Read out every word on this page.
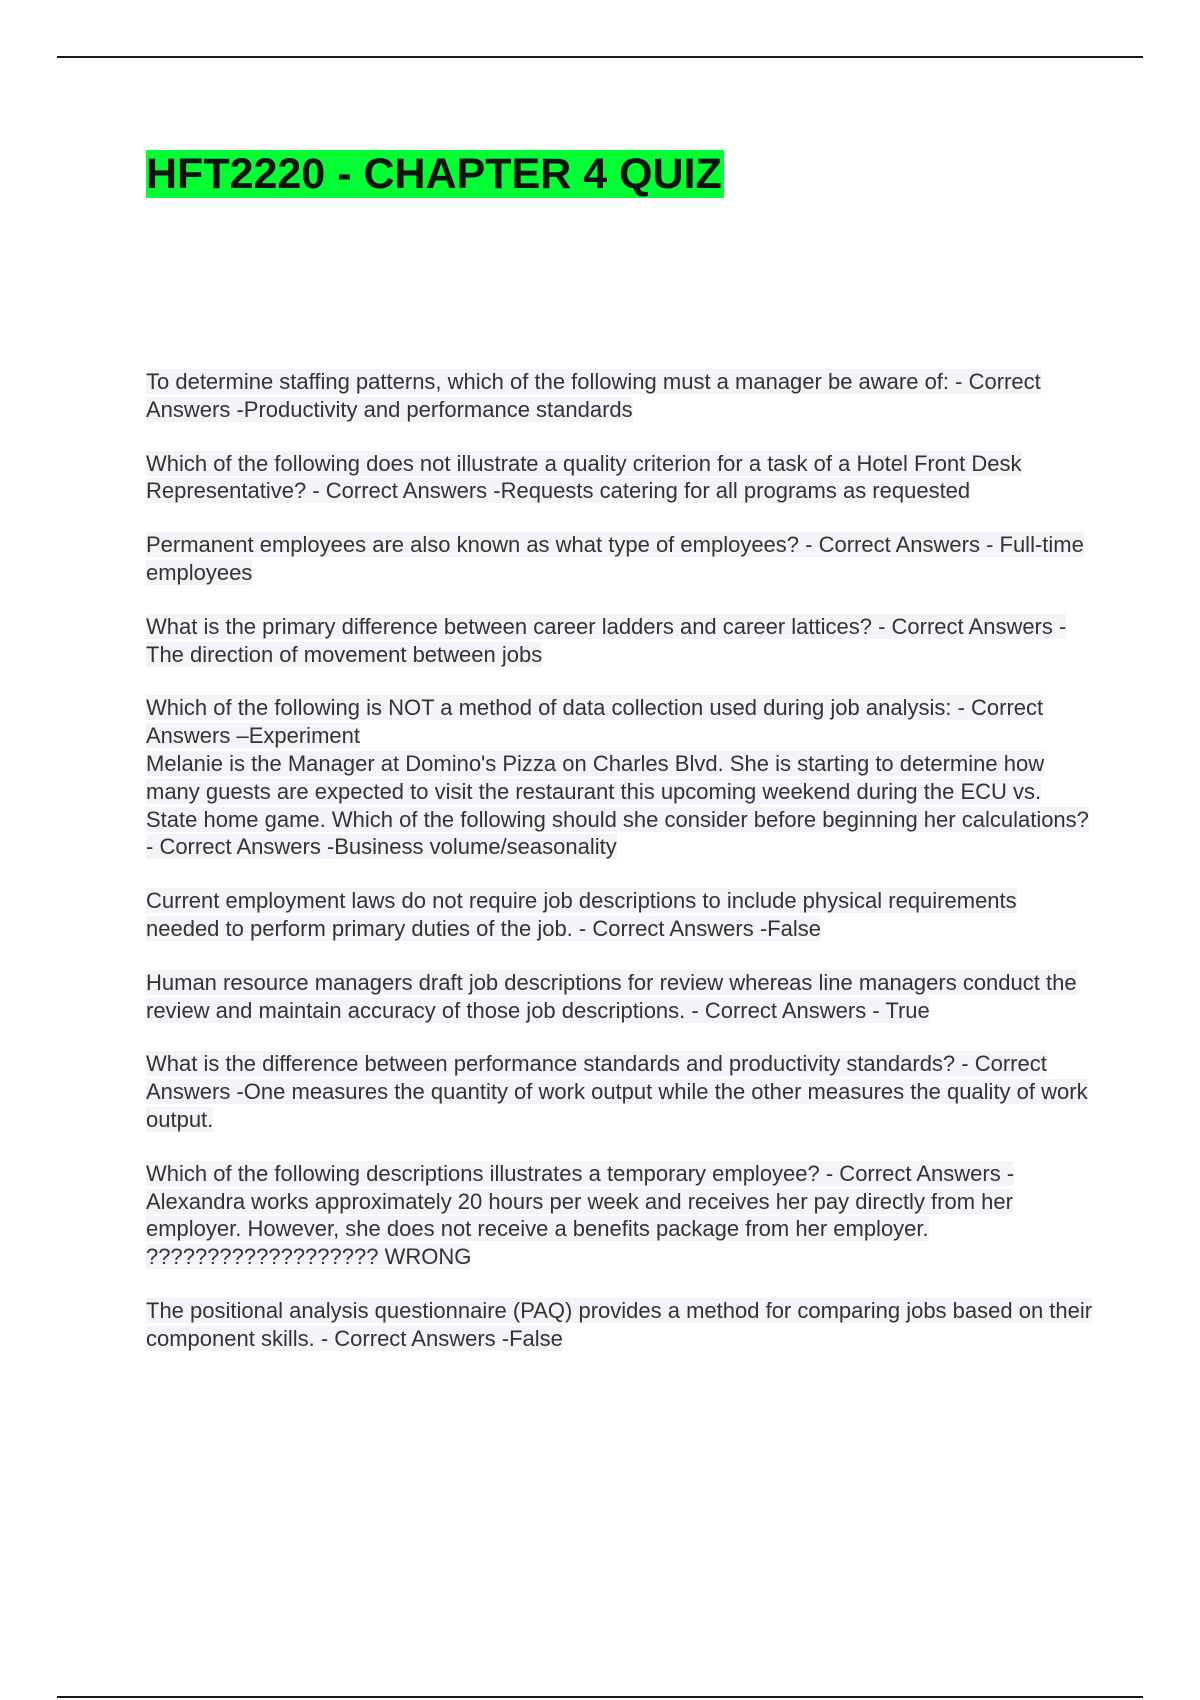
HFT2220 - CHAPTER 4 QUIZ

To determine staffing patterns, which of the following must a manager be aware of: - Correct Answers -Productivity and performance standards

Which of the following does not illustrate a quality criterion for a task of a Hotel Front Desk Representative? - Correct Answers -Requests catering for all programs as requested

Permanent employees are also known as what type of employees? - Correct Answers - Full-time employees

What is the primary difference between career ladders and career lattices? - Correct Answers -The direction of movement between jobs

Which of the following is NOT a method of data collection used during job analysis: - Correct Answers –Experiment

Melanie is the Manager at Domino's Pizza on Charles Blvd. She is starting to determine how many guests are expected to visit the restaurant this upcoming weekend during the ECU vs. State home game. Which of the following should she consider before beginning her calculations? - Correct Answers -Business volume/seasonality

Current employment laws do not require job descriptions to include physical requirements needed to perform primary duties of the job. - Correct Answers -False

Human resource managers draft job descriptions for review whereas line managers conduct the review and maintain accuracy of those job descriptions. - Correct Answers - True

What is the difference between performance standards and productivity standards? - Correct Answers -One measures the quantity of work output while the other measures the quality of work output.

Which of the following descriptions illustrates a temporary employee? - Correct Answers -Alexandra works approximately 20 hours per week and receives her pay directly from her employer. However, she does not receive a benefits package from her employer. ??????????????????? WRONG

The positional analysis questionnaire (PAQ) provides a method for comparing jobs based on their component skills. - Correct Answers -False
